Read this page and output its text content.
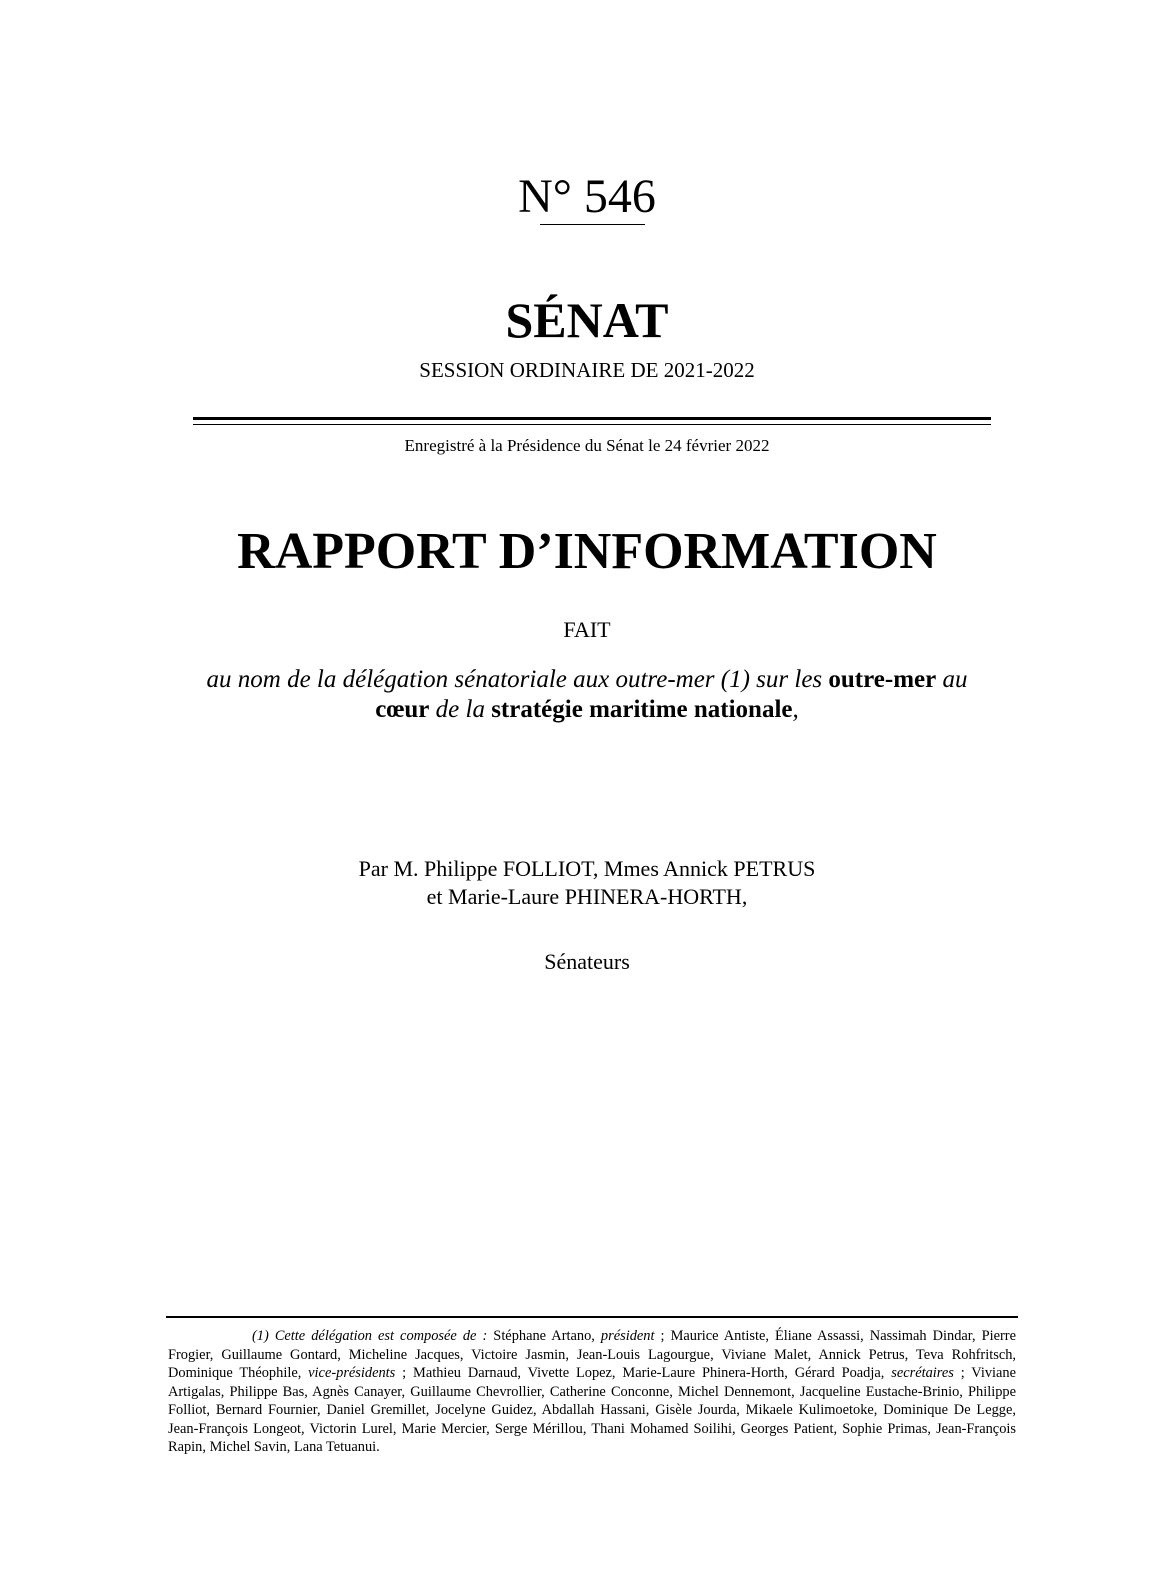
N° 546
SÉNAT
SESSION ORDINAIRE DE 2021-2022
Enregistré à la Présidence du Sénat le 24 février 2022
RAPPORT D’INFORMATION
FAIT
au nom de la délégation sénatoriale aux outre-mer (1) sur les outre-mer au
cœur de la stratégie maritime nationale,
Par M. Philippe FOLLIOT, Mmes Annick PETRUS
et Marie-Laure PHINERA-HORTH,
Sénateurs
(1) Cette délégation est composée de : Stéphane Artano, président ; Maurice Antiste, Éliane Assassi, Nassimah Dindar, Pierre Frogier, Guillaume Gontard, Micheline Jacques, Victoire Jasmin, Jean-Louis Lagourgue, Viviane Malet, Annick Petrus, Teva Rohfritsch, Dominique Théophile, vice-présidents ; Mathieu Darnaud, Vivette Lopez, Marie-Laure Phinera-Horth, Gérard Poadja, secrétaires ; Viviane Artigalas, Philippe Bas, Agnès Canayer, Guillaume Chevrollier, Catherine Conconne, Michel Dennemont, Jacqueline Eustache-Brinio, Philippe Folliot, Bernard Fournier, Daniel Gremillet, Jocelyne Guidez, Abdallah Hassani, Gisèle Jourda, Mikaele Kulimoetoke, Dominique De Legge, Jean-François Longeot, Victorin Lurel, Marie Mercier, Serge Mérillou, Thani Mohamed Soilihi, Georges Patient, Sophie Primas, Jean-François Rapin, Michel Savin, Lana Tetuanui.
